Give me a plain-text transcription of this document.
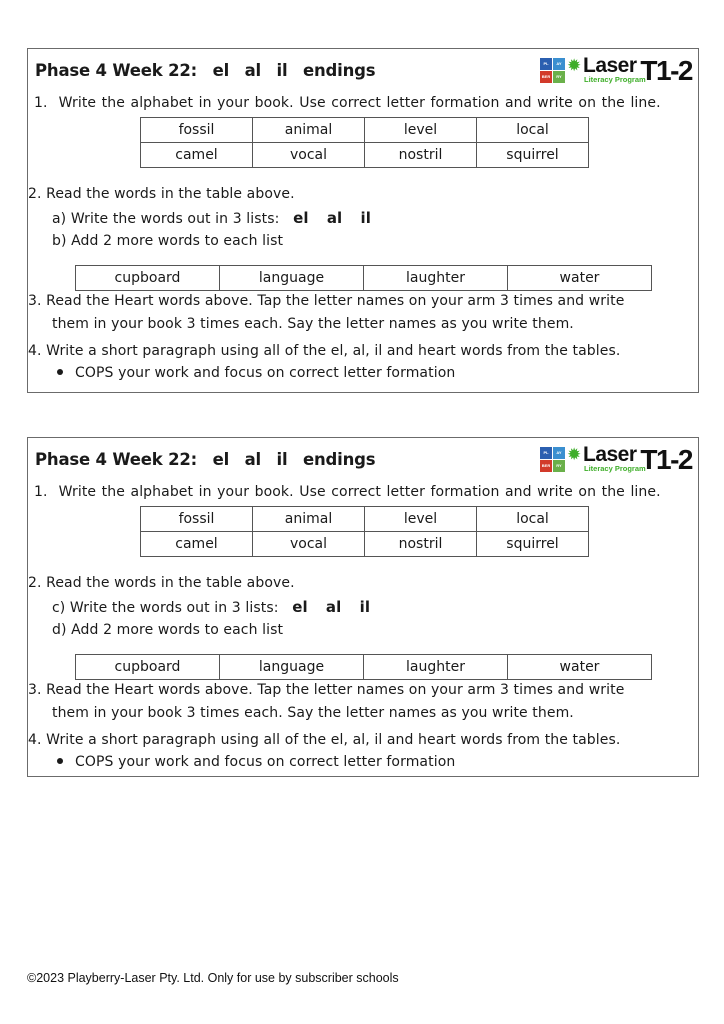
Phase 4 Week 22: el al il endings	PL	AY
BER	RY
✹ Laser
Literacy Program
T1-2
1. Write the alphabet in your book. Use correct letter formation and write on the line.
fossil	animal	level	local
camel	vocal	nostril	squirrel
2. Read the words in the table above.
a) Write the words out in 3 lists: el al il
b) Add 2 more words to each list
cupboard	language	laughter	water
3. Read the Heart words above. Tap the letter names on your arm 3 times and write
them in your book 3 times each. Say the letter names as you write them.
4. Write a short paragraph using all of the el, al, il and heart words from the tables.
COPS your work and focus on correct letter formation
Phase 4 Week 22: el al il endings	PL	AY
BER	RY
✹ Laser
Literacy Program
T1-2
1. Write the alphabet in your book. Use correct letter formation and write on the line.
fossil	animal	level	local
camel	vocal	nostril	squirrel
2. Read the words in the table above.
c) Write the words out in 3 lists: el al il
d) Add 2 more words to each list
cupboard	language	laughter	water
3. Read the Heart words above. Tap the letter names on your arm 3 times and write
them in your book 3 times each. Say the letter names as you write them.
4. Write a short paragraph using all of the el, al, il and heart words from the tables.
COPS your work and focus on correct letter formation
©2023 Playberry-Laser Pty. Ltd. Only for use by subscriber schools
